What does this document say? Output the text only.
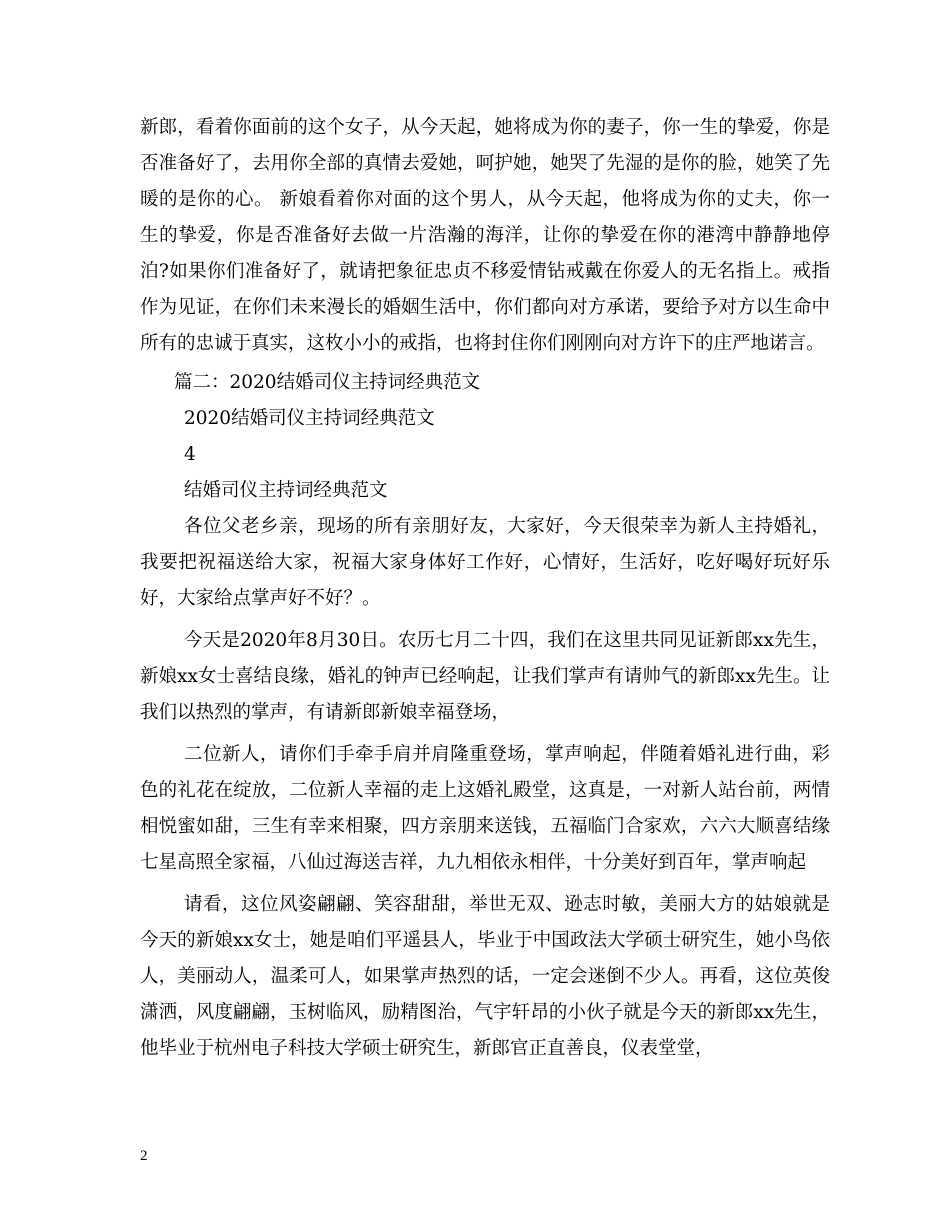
新郎，看着你面前的这个女子，从今天起，她将成为你的妻子，你一生的挚爱，你是否准备好了，去用你全部的真情去爱她，呵护她，她哭了先湿的是你的脸，她笑了先暖的是你的心。 新娘看着你对面的这个男人，从今天起，他将成为你的丈夫，你一生的挚爱，你是否准备好去做一片浩瀚的海洋，让你的挚爱在你的港湾中静静地停泊?如果你们准备好了，就请把象征忠贞不移爱情钻戒戴在你爱人的无名指上。戒指作为见证，在你们未来漫长的婚姻生活中，你们都向对方承诺，要给予对方以生命中所有的忠诚于真实，这枚小小的戒指，也将封住你们刚刚向对方许下的庄严地诺言。

篇二：2020结婚司仪主持词经典范文

2020结婚司仪主持词经典范文

4

结婚司仪主持词经典范文

各位父老乡亲，现场的所有亲朋好友，大家好，今天很荣幸为新人主持婚礼，我要把祝福送给大家，祝福大家身体好工作好，心情好，生活好，吃好喝好玩好乐好，大家给点掌声好不好？。

今天是2020年8月30日。农历七月二十四，我们在这里共同见证新郎xx先生，新娘xx女士喜结良缘，婚礼的钟声已经响起，让我们掌声有请帅气的新郎xx先生。让我们以热烈的掌声，有请新郎新娘幸福登场，

二位新人，请你们手牵手肩并肩隆重登场，掌声响起，伴随着婚礼进行曲，彩色的礼花在绽放，二位新人幸福的走上这婚礼殿堂，这真是，一对新人站台前，两情相悦蜜如甜，三生有幸来相聚，四方亲朋来送钱，五福临门合家欢，六六大顺喜结缘七星高照全家福，八仙过海送吉祥，九九相依永相伴，十分美好到百年，掌声响起

请看，这位风姿翩翩、笑容甜甜，举世无双、逊志时敏，美丽大方的姑娘就是今天的新娘xx女士，她是咱们平遥县人，毕业于中国政法大学硕士研究生，她小鸟依人，美丽动人，温柔可人，如果掌声热烈的话，一定会迷倒不少人。再看，这位英俊潇洒，风度翩翩，玉树临风，励精图治，气宇轩昂的小伙子就是今天的新郎xx先生，他毕业于杭州电子科技大学硕士研究生，新郎官正直善良，仪表堂堂，

2
